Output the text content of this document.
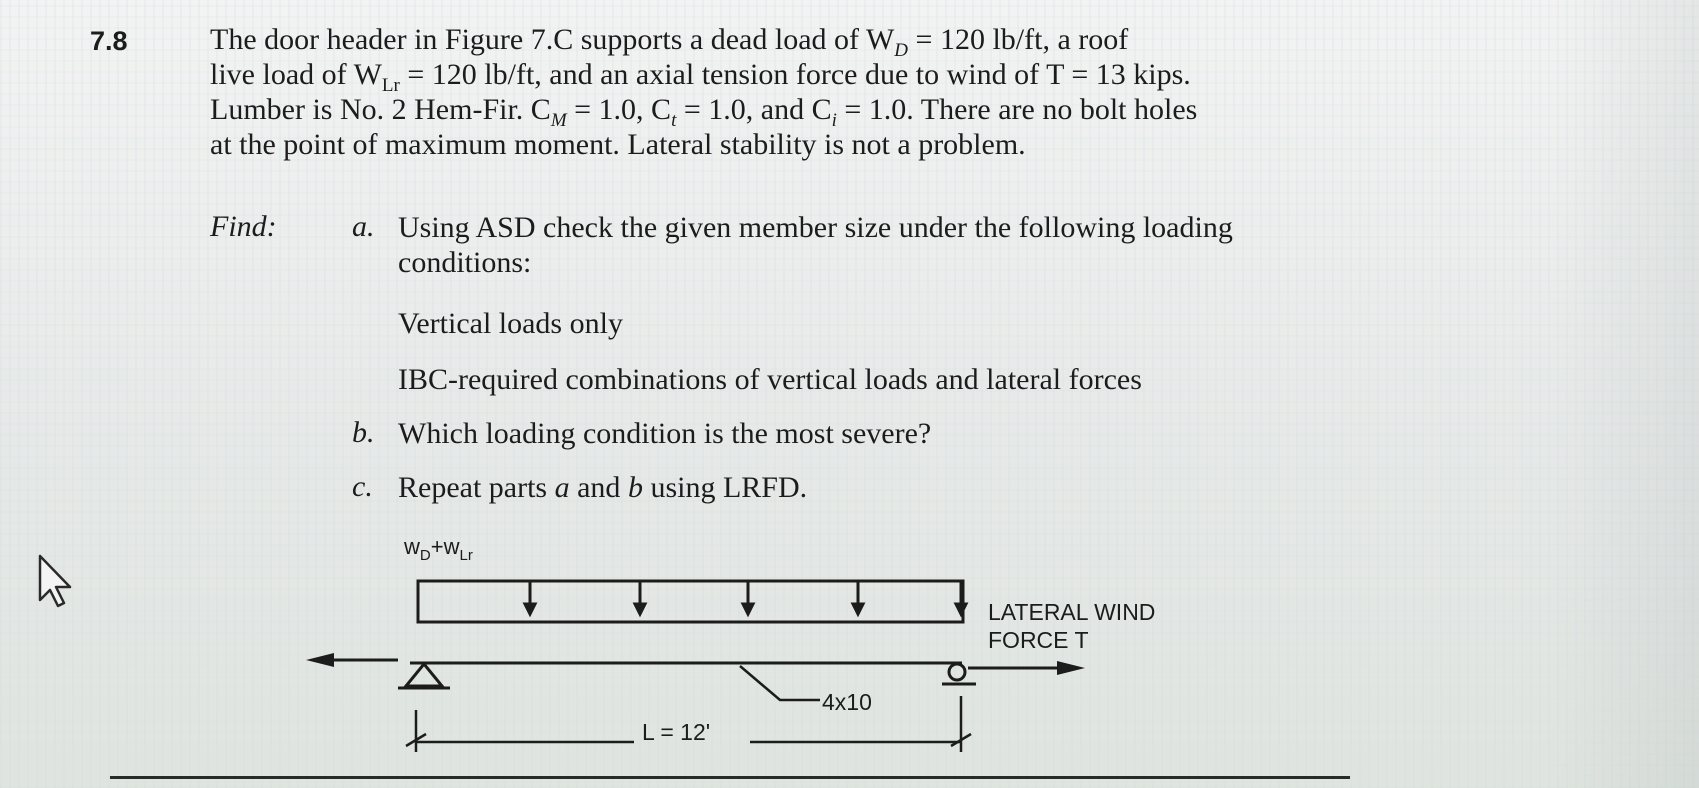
7.8	The door header in Figure 7.C supports a dead load of $W_D = 120$ lb/ft, a roof
live load of $W_{Lr} = 120$ lb/ft, and an axial tension force due to wind of T = 13 kips.
Lumber is No. 2 Hem-Fir. $C_M = 1.0$, $C_t = 1.0$, and $C_i = 1.0$. There are no bolt holes
at the point of maximum moment. Lateral stability is not a problem.
Find:	a. Using ASD check the given member size under the following loading
conditions:
Vertical loads only
IBC-required combinations of vertical loads and lateral forces
b. Which loading condition is the most severe?
c. Repeat parts a and b using LRFD.
$w_D+w_{Lr}$
LATERAL WIND
FORCE T
4x10
L = 12'
